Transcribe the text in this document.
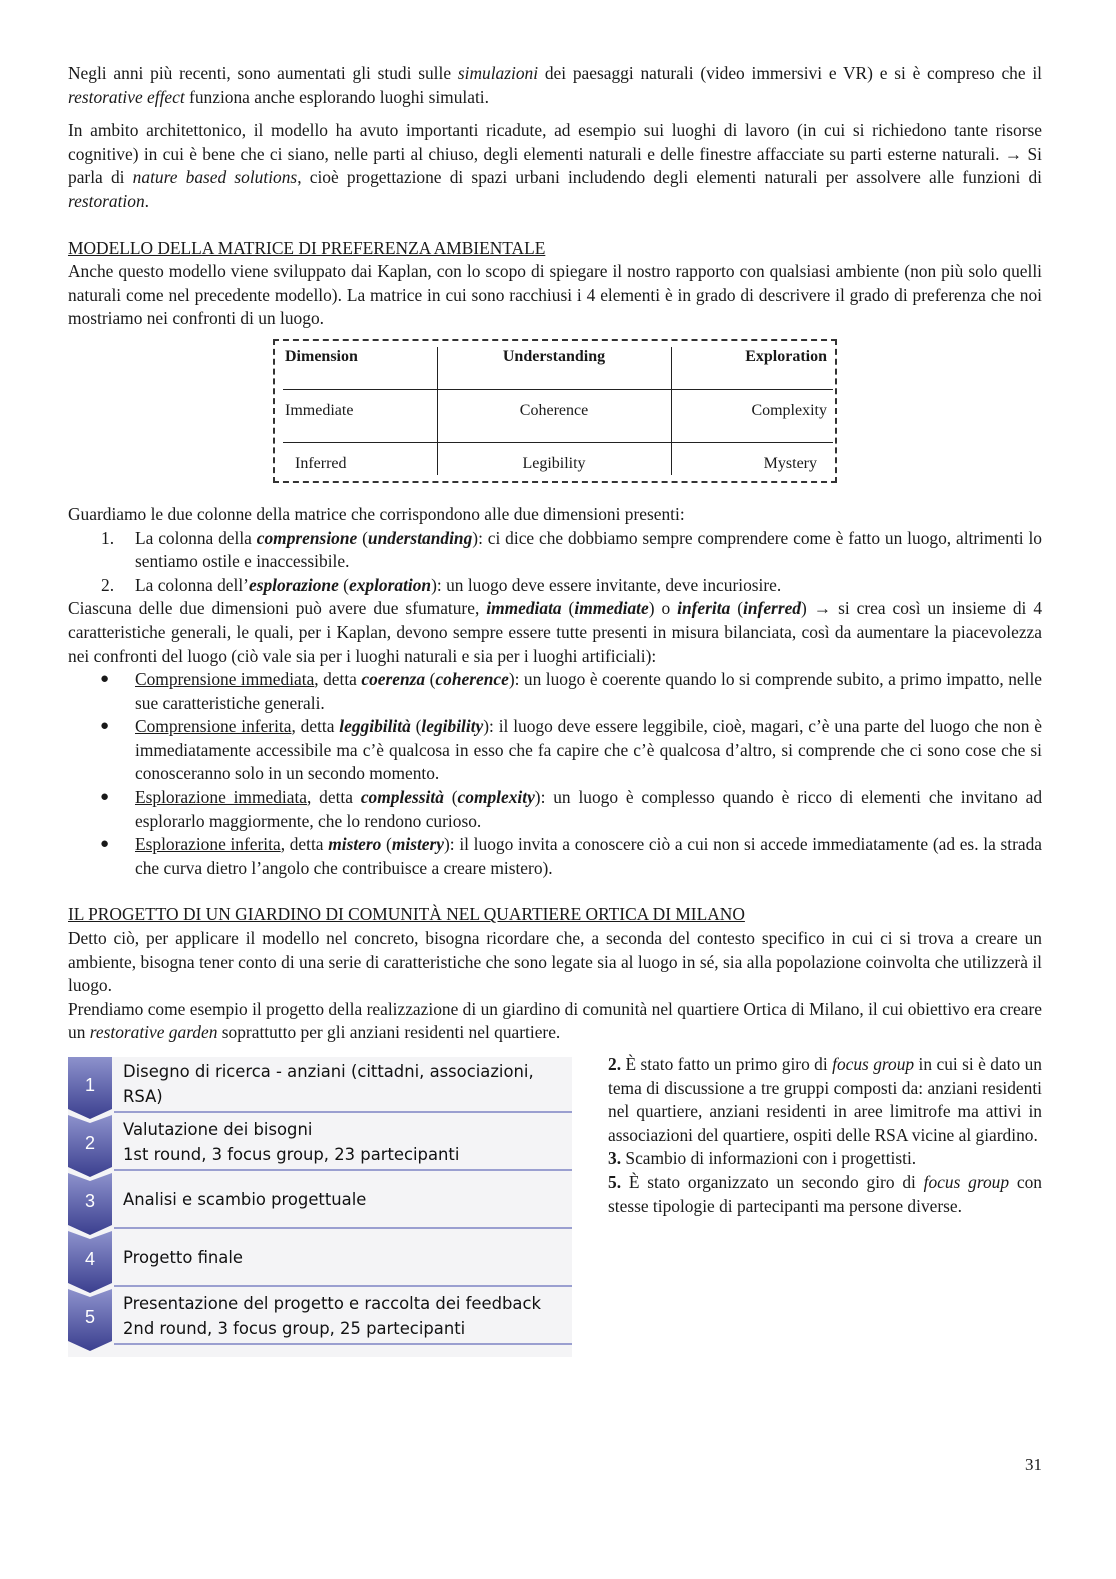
Negli anni più recenti, sono aumentati gli studi sulle simulazioni dei paesaggi naturali (video immersivi e VR) e si è compreso che il restorative effect funziona anche esplorando luoghi simulati.

In ambito architettonico, il modello ha avuto importanti ricadute, ad esempio sui luoghi di lavoro (in cui si richiedono tante risorse cognitive) in cui è bene che ci siano, nelle parti al chiuso, degli elementi naturali e delle finestre affacciate su parti esterne naturali. → Si parla di nature based solutions, cioè progettazione di spazi urbani includendo degli elementi naturali per assolvere alle funzioni di restoration.

MODELLO DELLA MATRICE DI PREFERENZA AMBIENTALE

Anche questo modello viene sviluppato dai Kaplan, con lo scopo di spiegare il nostro rapporto con qualsiasi ambiente (non più solo quelli naturali come nel precedente modello). La matrice in cui sono racchiusi i 4 elementi è in grado di descrivere il grado di preferenza che noi mostriamo nei confronti di un luogo.

Dimension	Understanding	Exploration
Immediate	Coherence	Complexity
Inferred	Legibility	Mystery

Guardiamo le due colonne della matrice che corrispondono alle due dimensioni presenti:

1. La colonna della comprensione (understanding): ci dice che dobbiamo sempre comprendere come è fatto un luogo, altrimenti lo sentiamo ostile e inaccessibile.
2. La colonna dell’esplorazione (exploration): un luogo deve essere invitante, deve incuriosire.

Ciascuna delle due dimensioni può avere due sfumature, immediata (immediate) o inferita (inferred) → si crea così un insieme di 4 caratteristiche generali, le quali, per i Kaplan, devono sempre essere tutte presenti in misura bilanciata, così da aumentare la piacevolezza nei confronti del luogo (ciò vale sia per i luoghi naturali e sia per i luoghi artificiali):

● Comprensione immediata, detta coerenza (coherence): un luogo è coerente quando lo si comprende subito, a primo impatto, nelle sue caratteristiche generali.
● Comprensione inferita, detta leggibilità (legibility): il luogo deve essere leggibile, cioè, magari, c’è una parte del luogo che non è immediatamente accessibile ma c’è qualcosa in esso che fa capire che c’è qualcosa d’altro, si comprende che ci sono cose che si conosceranno solo in un secondo momento.
● Esplorazione immediata, detta complessità (complexity): un luogo è complesso quando è ricco di elementi che invitano ad esplorarlo maggiormente, che lo rendono curioso.
● Esplorazione inferita, detta mistero (mistery): il luogo invita a conoscere ciò a cui non si accede immediatamente (ad es. la strada che curva dietro l’angolo che contribuisce a creare mistero).

IL PROGETTO DI UN GIARDINO DI COMUNITÀ NEL QUARTIERE ORTICA DI MILANO

Detto ciò, per applicare il modello nel concreto, bisogna ricordare che, a seconda del contesto specifico in cui ci si trova a creare un ambiente, bisogna tener conto di una serie di caratteristiche che sono legate sia al luogo in sé, sia alla popolazione coinvolta che utilizzerà il luogo.

Prendiamo come esempio il progetto della realizzazione di un giardino di comunità nel quartiere Ortica di Milano, il cui obiettivo era creare un restorative garden soprattutto per gli anziani residenti nel quartiere.

1
Disegno di ricerca - anziani (cittadni, associazioni,
RSA)
2
Valutazione dei bisogni
1st round, 3 focus group, 23 partecipanti
3 Analisi e scambio progettuale
4 Progetto finale
5
Presentazione del progetto e raccolta dei feedback
2nd round, 3 focus group, 25 partecipanti

2. È stato fatto un primo giro di focus group in cui si è dato un tema di discussione a tre gruppi composti da: anziani residenti nel quartiere, anziani residenti in aree limitrofe ma attivi in associazioni del quartiere, ospiti delle RSA vicine al giardino.

3. Scambio di informazioni con i progettisti.

5. È stato organizzato un secondo giro di focus group con stesse tipologie di partecipanti ma persone diverse.

31
